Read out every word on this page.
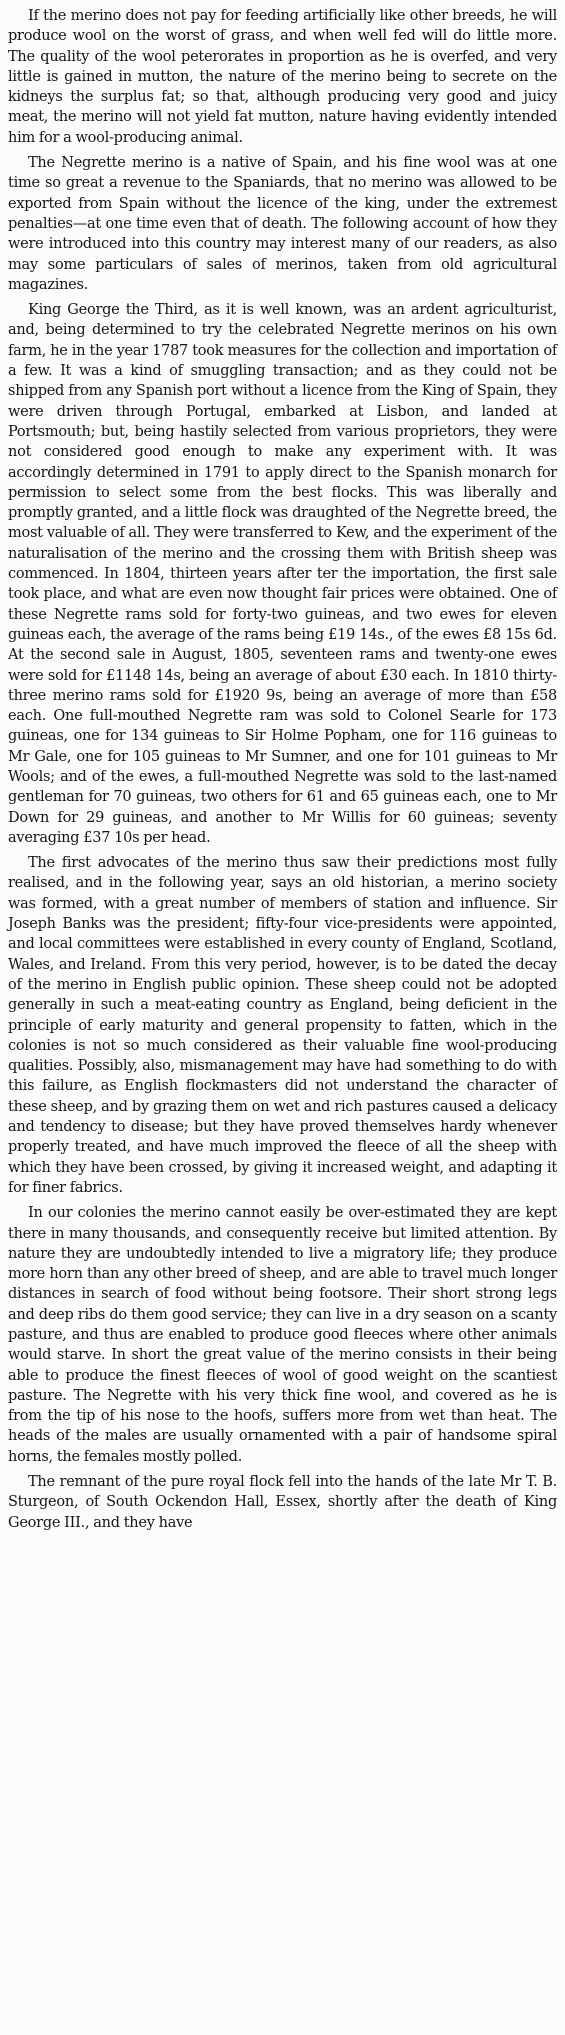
If the merino does not pay for feeding artificially like other breeds, he will produce wool on the worst of grass, and when well fed will do little more. The quality of the wool peterorates in proportion as he is overfed, and very little is gained in mutton, the nature of the merino being to secrete on the kidneys the surplus fat; so that, although producing very good and juicy meat, the merino will not yield fat mutton, nature having evidently intended him for a wool-producing animal.

The Negrette merino is a native of Spain, and his fine wool was at one time so great a revenue to the Spaniards, that no merino was allowed to be exported from Spain without the licence of the king, under the extremest penalties—at one time even that of death. The following account of how they were introduced into this country may interest many of our readers, as also may some particulars of sales of merinos, taken from old agricultural magazines.

King George the Third, as it is well known, was an ardent agriculturist, and, being determined to try the celebrated Negrette merinos on his own farm, he in the year 1787 took measures for the collection and importation of a few. It was a kind of smuggling transaction; and as they could not be shipped from any Spanish port without a licence from the King of Spain, they were driven through Portugal, embarked at Lisbon, and landed at Portsmouth; but, being hastily selected from various proprietors, they were not considered good enough to make any experiment with. It was accordingly determined in 1791 to apply direct to the Spanish monarch for permission to select some from the best flocks. This was liberally and promptly granted, and a little flock was draughted of the Negrette breed, the most valuable of all. They were transferred to Kew, and the experiment of the naturalisation of the merino and the crossing them with British sheep was commenced. In 1804, thirteen years after ter the importation, the first sale took place, and what are even now thought fair prices were obtained. One of these Negrette rams sold for forty-two guineas, and two ewes for eleven guineas each, the average of the rams being £19 14s., of the ewes £8 15s 6d. At the second sale in August, 1805, seventeen rams and twenty-one ewes were sold for £1148 14s, being an average of about £30 each. In 1810 thirty-three merino rams sold for £1920 9s, being an average of more than £58 each. One full-mouthed Negrette ram was sold to Colonel Searle for 173 guineas, one for 134 guineas to Sir Holme Popham, one for 116 guineas to Mr Gale, one for 105 guineas to Mr Sumner, and one for 101 guineas to Mr Wools; and of the ewes, a full-mouthed Negrette was sold to the last-named gentleman for 70 guineas, two others for 61 and 65 guineas each, one to Mr Down for 29 guineas, and another to Mr Willis for 60 guineas; seventy averaging £37 10s per head.

The first advocates of the merino thus saw their predictions most fully realised, and in the following year, says an old historian, a merino society was formed, with a great number of members of station and influence. Sir Joseph Banks was the president; fifty-four vice-presidents were appointed, and local committees were established in every county of England, Scotland, Wales, and Ireland. From this very period, however, is to be dated the decay of the merino in English public opinion. These sheep could not be adopted generally in such a meat-eating country as England, being deficient in the principle of early maturity and general propensity to fatten, which in the colonies is not so much considered as their valuable fine wool-producing qualities. Possibly, also, mismanagement may have had something to do with this failure, as English flockmasters did not understand the character of these sheep, and by grazing them on wet and rich pastures caused a delicacy and tendency to disease; but they have proved themselves hardy whenever properly treated, and have much improved the fleece of all the sheep with which they have been crossed, by giving it increased weight, and adapting it for finer fabrics.

In our colonies the merino cannot easily be over-estimated they are kept there in many thousands, and consequently receive but limited attention. By nature they are undoubtedly intended to live a migratory life; they produce more horn than any other breed of sheep, and are able to travel much longer distances in search of food without being footsore. Their short strong legs and deep ribs do them good service; they can live in a dry season on a scanty pasture, and thus are enabled to produce good fleeces where other animals would starve. In short the great value of the merino consists in their being able to produce the finest fleeces of wool of good weight on the scantiest pasture. The Negrette with his very thick fine wool, and covered as he is from the tip of his nose to the hoofs, suffers more from wet than heat. The heads of the males are usually ornamented with a pair of handsome spiral horns, the females mostly polled.

The remnant of the pure royal flock fell into the hands of the late Mr T. B. Sturgeon, of South Ockendon Hall, Essex, shortly after the death of King George III., and they have
